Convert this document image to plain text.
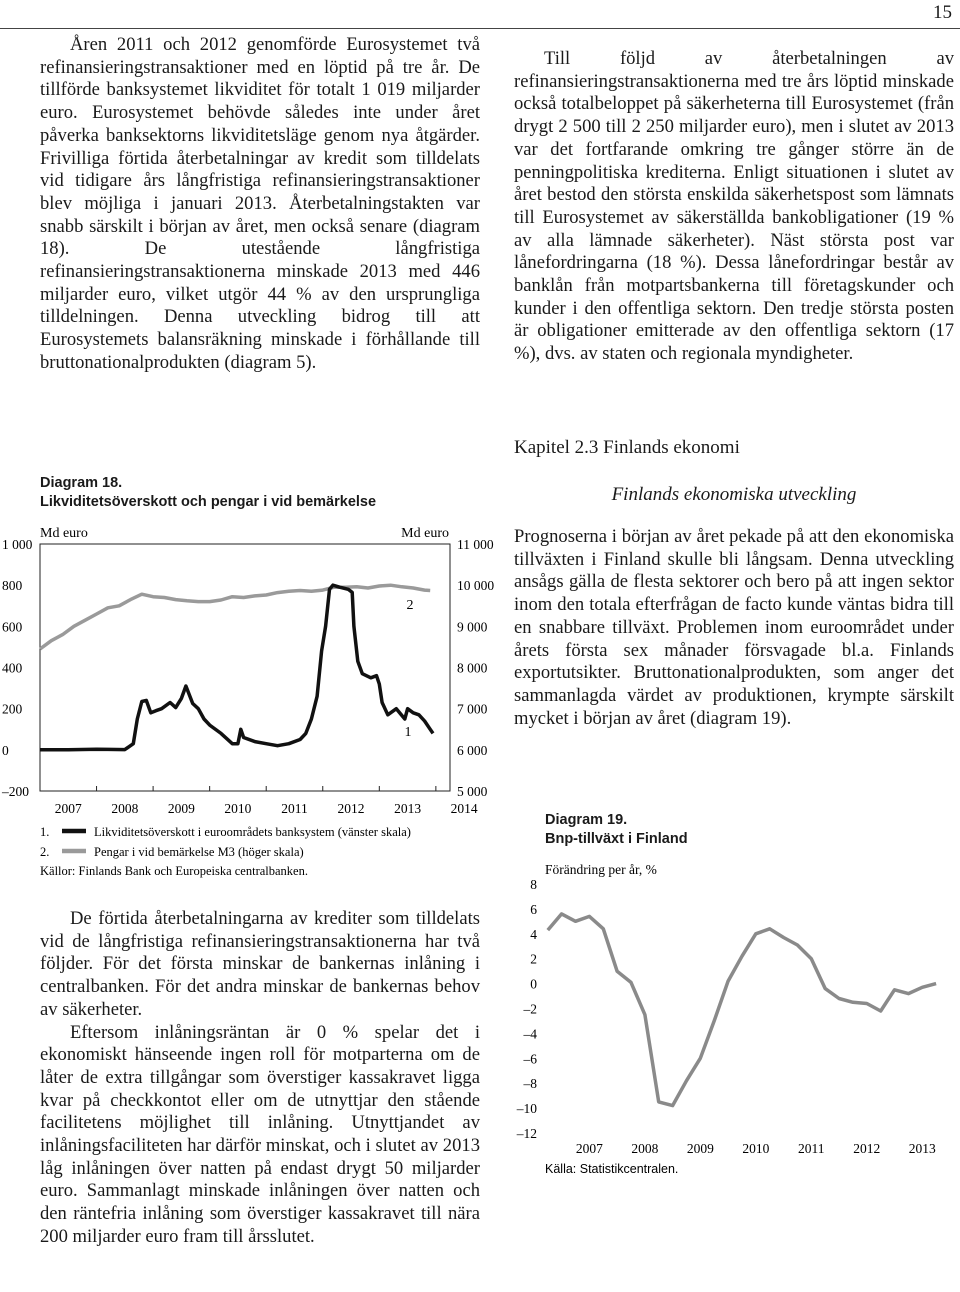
15

Åren 2011 och 2012 genomförde Eurosystemet två refinansieringstransaktioner med en löptid på tre år. De tillförde banksystemet likviditet för totalt 1 019 miljarder euro. Eurosystemet behövde således inte under året påverka banksektorns likviditetsläge genom nya åtgärder. Frivilliga förtida återbetalningar av kredit som tilldelats vid tidigare års långfristiga refinansieringstransaktioner blev möjliga i januari 2013. Återbetalningstakten var snabb särskilt i början av året, men också senare (diagram 18). De utestående långfristiga refinansieringstransaktionerna minskade 2013 med 446 miljarder euro, vilket utgör 44 % av den ursprungliga tilldelningen. Denna utveckling bidrog till att Eurosystemets balansräkning minskade i förhållande till bruttonationalprodukten (diagram 5).

Diagram 18.
Likviditetsöverskott och pengar i vid bemärkelse
Md euro	Md euro
1 000
800
600
400
200
0
–200
11 000
10 000
9 000
8 000
7 000
6 000
5 000
2007 2008 2009 2010 2011 2012 2013 2014
2
1
1.	Likviditetsöverskott i euroområdets banksystem (vänster skala)
2.	Pengar i vid bemärkelse M3 (höger skala)
Källor: Finlands Bank och Europeiska centralbanken.

De förtida återbetalningarna av krediter som tilldelats vid de långfristiga refinansieringstransaktionerna har två följder. För det första minskar de bankernas inlåning i centralbanken. För det andra minskar de bankernas behov av säkerheter.

Eftersom inlåningsräntan är 0 % spelar det i ekonomiskt hänseende ingen roll för motparterna om de låter de extra tillgångar som överstiger kassakravet ligga kvar på checkkontot eller om de utnyttjar den stående facilitetens möjlighet till inlåning. Utnyttjandet av inlåningsfaciliteten har därför minskat, och i slutet av 2013 låg inlåningen över natten på endast drygt 50 miljarder euro. Sammanlagt minskade inlåningen över natten och den räntefria inlåning som överstiger kassakravet till nära 200 miljarder euro fram till årsslutet.

Till följd av återbetalningen av refinansieringstransaktionerna med tre års löptid minskade också totalbeloppet på säkerheterna till Eurosystemet (från drygt 2 500 till 2 250 miljarder euro), men i slutet av 2013 var det fortfarande omkring tre gånger större än de penningpolitiska krediterna. Enligt situationen i slutet av året bestod den största enskilda säkerhetspost som lämnats till Eurosystemet av säkerställda bankobligationer (19 % av alla lämnade säkerheter). Näst största post var lånefordringarna (18 %). Dessa lånefordringar består av banklån från motpartsbankerna till företagskunder och kunder i den offentliga sektorn. Den tredje största posten är obligationer emitterade av den offentliga sektorn (17 %), dvs. av staten och regionala myndigheter.

Kapitel 2.3 Finlands ekonomi
Finlands ekonomiska utveckling

Prognoserna i början av året pekade på att den ekonomiska tillväxten i Finland skulle bli långsam. Denna utveckling ansågs gälla de flesta sektorer och bero på att ingen sektor inom den totala efterfrågan de facto kunde väntas bidra till en snabbare tillväxt. Problemen inom euroområdet under årets första sex månader försvagade bl.a. Finlands exportutsikter. Bruttonationalprodukten, som anger det sammanlagda värdet av produktionen, krympte särskilt mycket i början av året (diagram 19).

Diagram 19.
Bnp-tillväxt i Finland
Förändring per år, %
8
6
4
2
0
–2
–4
–6
–8
–10
–12
2007 2008 2009 2010 2011 2012 2013
Källa: Statistikcentralen.
